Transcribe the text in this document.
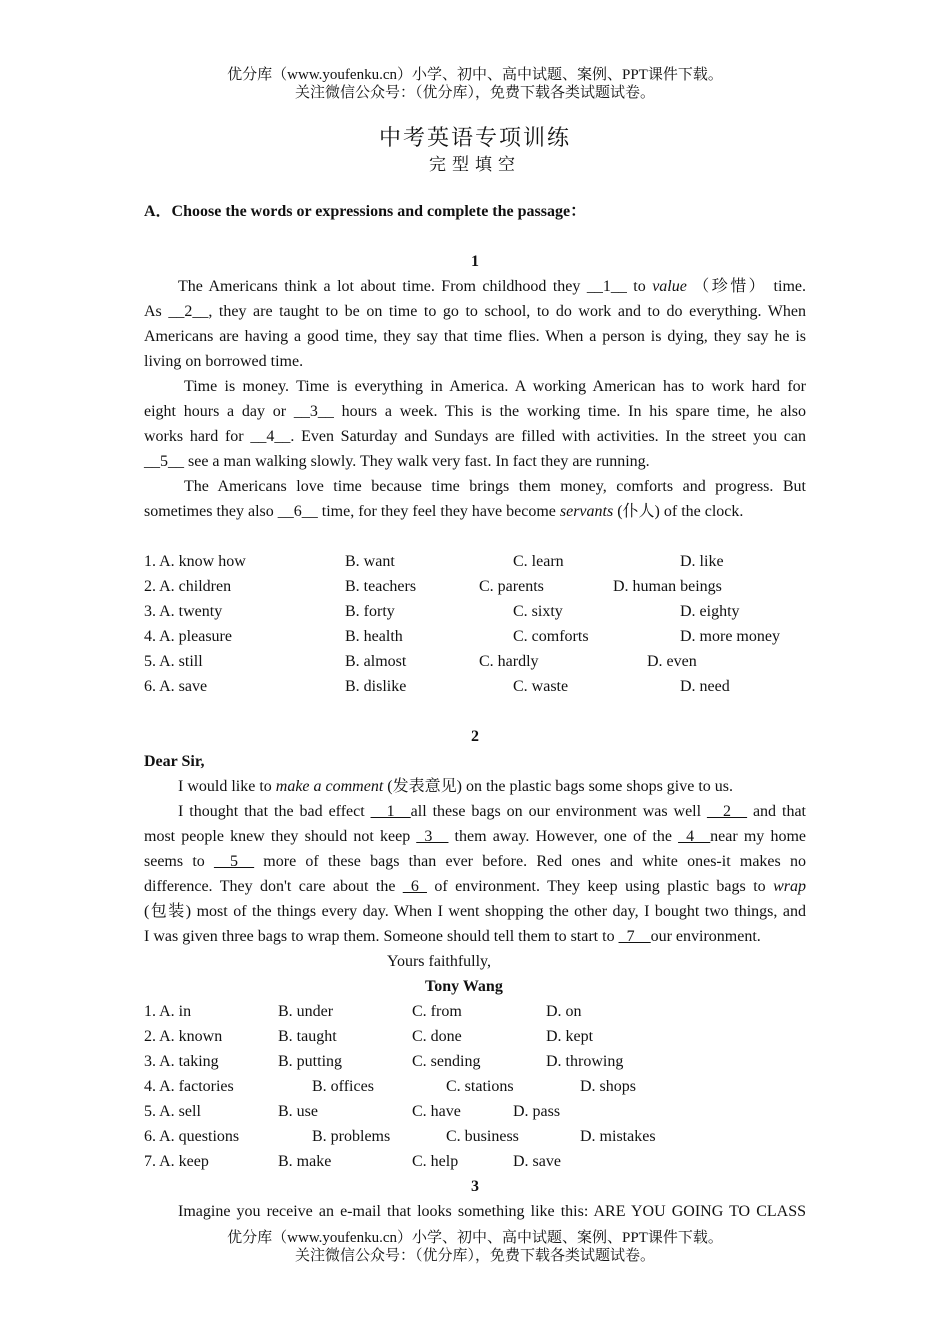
优分库（www.youfenku.cn）小学、初中、高中试题、案例、PPT课件下载。
关注微信公众号：（优分库），免费下载各类试题试卷。
中考英语专项训练
完型填空
A．Choose the words or expressions and complete the passage：
1
The Americans think a lot about time. From childhood they __1__ to value （珍惜） time.
As __2__, they are taught to be on time to go to school, to do work and to do everything. When
Americans are having a good time, they say that time flies. When a person is dying, they say he is
living on borrowed time.
Time is money. Time is everything in America. A working American has to work hard for
eight hours a day or __3__ hours a week. This is the working time. In his spare time, he also
works hard for __4__. Even Saturday and Sundays are filled with activities. In the street you can
__5__ see a man walking slowly. They walk very fast. In fact they are running.
The Americans love time because time brings them money, comforts and progress. But
sometimes they also __6__ time, for they feel they have become servants (仆人) of the clock.
1. A. know how	B. want	C. learn	D. like
2. A. children	B. teachers	C. parents	D. human beings
3. A. twenty	B. forty	C. sixty	D. eighty
4. A. pleasure	B. health	C. comforts	D. more money
5. A. still	B. almost	C. hardly	D. even
6. A. save	B. dislike	C. waste	D. need
2
Dear Sir,
I would like to make a comment (发表意见) on the plastic bags some shops give to us.
I thought that the bad effect __1__all these bags on our environment was well __2__ and that
most people knew they should not keep _3__ them away. However, one of the _4__near my home
seems to __5__ more of these bags than ever before. Red ones and white ones-it makes no
difference. They don't care about the _6_ of environment. They keep using plastic bags to wrap
(包装) most of the things every day. When I went shopping the other day, I bought two things, and
I was given three bags to wrap them. Someone should tell them to start to _7__our environment.
Yours faithfully,
Tony Wang
1. A. in	B. under	C. from	D. on
2. A. known	B. taught	C. done	D. kept
3. A. taking	B. putting	C. sending	D. throwing
4. A. factories	B. offices	C. stations	D. shops
5. A. sell	B. use	C. have	D. pass
6. A. questions	B. problems	C. business	D. mistakes
7. A. keep	B. make	C. help	D. save
3
Imagine you receive an e-mail that looks something like this: ARE YOU GOING TO CLASS
优分库（www.youfenku.cn）小学、初中、高中试题、案例、PPT课件下载。
关注微信公众号：（优分库），免费下载各类试题试卷。
